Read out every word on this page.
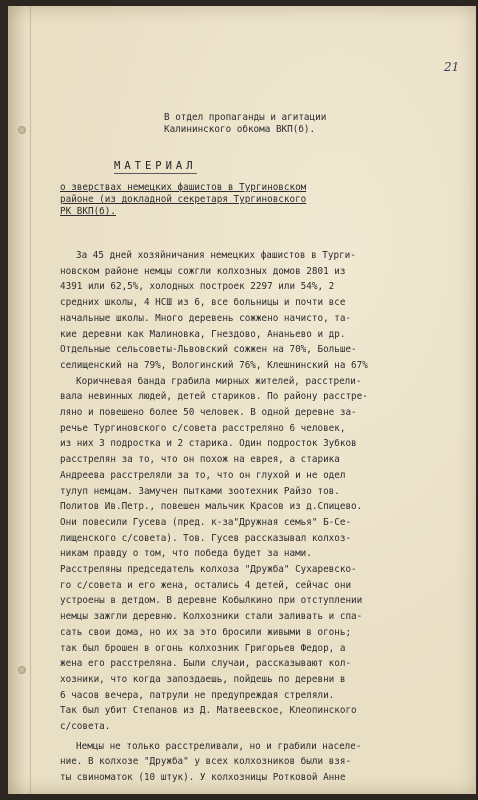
21
В отдел пропаганды и агитации
Калининского обкома ВКП(б).
МАТЕРИАЛ
о зверствах немецких фашистов в Тургиновском
районе (из докладной секретаря Тургиновского
РК ВКП(б).
За 45 дней хозяйничания немецких фашистов в Турги-
новском районе немцы сожгли колхозных домов 2801 из
4391 или 62,5%, холодных построек 2297 или 54%, 2
средних школы, 4 НСШ из 6, все больницы и почти все
начальные школы. Много деревень сожжено начисто, та-
кие деревни как Малиновка, Гнездово, Ананьево и др.
Отдельные сельсоветы-Львовский сожжен на 70%, Больше-
селищенский на 79%, Вологинский 76%, Клешнинский на 67%
Коричневая банда грабила мирных жителей, расстрели-
вала невинных людей, детей стариков. По району расстре-
ляно и повешено более 50 человек. В одной деревне за-
речье Тургиновского с/совета расстреляно 6 человек,
из них 3 подростка и 2 старика. Один подросток Зубков
расстрелян за то, что он похож на еврея, а старика
Андреева расстреляли за то, что он глухой и не одел
тулуп немцам. Замучен пытками зоотехник Райзо тов.
Политов Ив.Петр., повешен мальчик Красов из д.Спицево.
Они повесили Гусева (пред. к-за"Дружная семья" Б-Се-
лищенского с/совета). Тов. Гусев рассказывал колхоз-
никам правду о том, что победа будет за нами.
Расстреляны председатель колхоза "Дружба" Сухаревско-
го с/совета и его жена, остались 4 детей, сейчас они
устроены в детдом. В деревне Кобылкино при отступлении
немцы зажгли деревню. Колхозники стали заливать и спа-
сать свои дома, но их за это бросили живыми в огонь;
так был брошен в огонь колхозник Григорьев Федор, а
жена его расстреляна. Были случаи, рассказывают кол-
хозники, что когда запоздаешь, пойдешь по деревни в
6 часов вечера, патрули не предупреждая стреляли.
Так был убит Степанов из Д. Матвеевское, Клеопинского
с/совета.
Немцы не только расстреливали, но и грабили населе-
ние. В колхозе "Дружба" у всех колхозников были взя-
ты свиноматок (10 штук). У колхозницы Ротковой Анне
